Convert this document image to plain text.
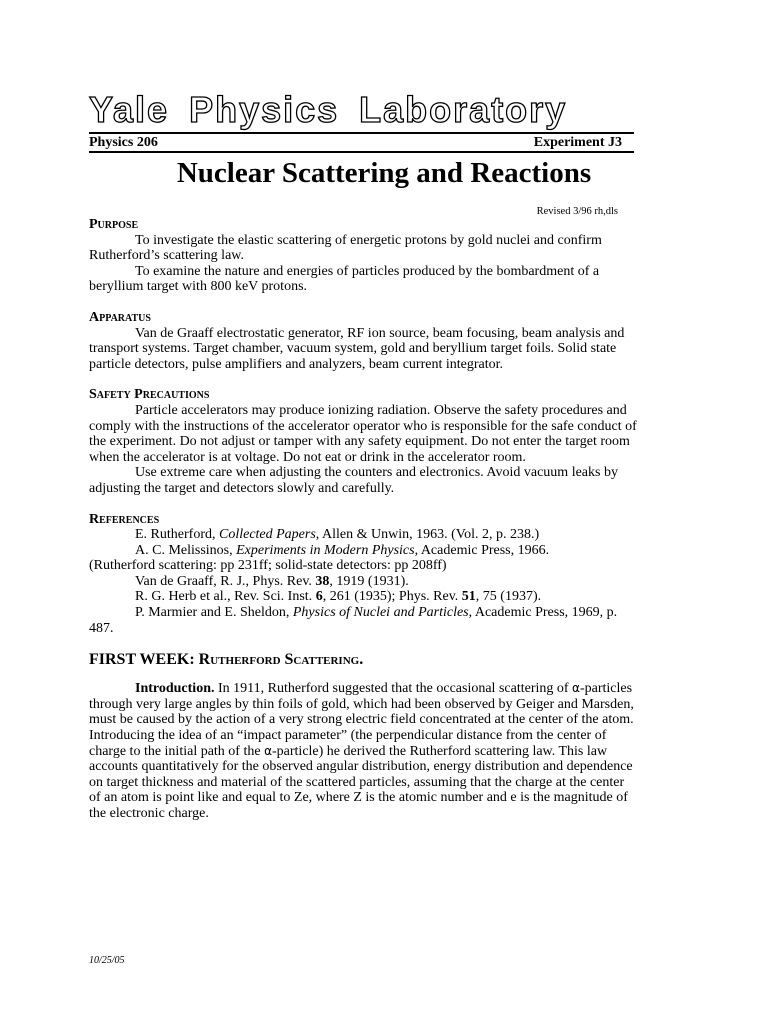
Yale Physics Laboratory
Physics 206	Experiment J3
Nuclear Scattering and Reactions
Revised 3/96 rh,dls
Purpose

To investigate the elastic scattering of energetic protons by gold nuclei and confirm Rutherford’s scattering law.

To examine the nature and energies of particles produced by the bombardment of a beryllium target with 800 keV protons.

Apparatus

Van de Graaff electrostatic generator, RF ion source, beam focusing, beam analysis and transport systems. Target chamber, vacuum system, gold and beryllium target foils. Solid state particle detectors, pulse amplifiers and analyzers, beam current integrator.

Safety Precautions

Particle accelerators may produce ionizing radiation. Observe the safety procedures and comply with the instructions of the accelerator operator who is responsible for the safe conduct of the experiment. Do not adjust or tamper with any safety equipment. Do not enter the target room when the accelerator is at voltage. Do not eat or drink in the accelerator room.

Use extreme care when adjusting the counters and electronics. Avoid vacuum leaks by adjusting the target and detectors slowly and carefully.

References

E. Rutherford, Collected Papers, Allen & Unwin, 1963. (Vol. 2, p. 238.)

A. C. Melissinos, Experiments in Modern Physics, Academic Press, 1966.

(Rutherford scattering: pp 231ff; solid-state detectors: pp 208ff)

Van de Graaff, R. J., Phys. Rev. 38, 1919 (1931).

R. G. Herb et al., Rev. Sci. Inst. 6, 261 (1935); Phys. Rev. 51, 75 (1937).

P. Marmier and E. Sheldon, Physics of Nuclei and Particles, Academic Press, 1969, p. 487.

FIRST WEEK: Rutherford Scattering.

Introduction. In 1911, Rutherford suggested that the occasional scattering of α-particles through very large angles by thin foils of gold, which had been observed by Geiger and Marsden, must be caused by the action of a very strong electric field concentrated at the center of the atom. Introducing the idea of an “impact parameter” (the perpendicular distance from the center of charge to the initial path of the α-particle) he derived the Rutherford scattering law. This law accounts quantitatively for the observed angular distribution, energy distribution and dependence on target thickness and material of the scattered particles, assuming that the charge at the center of an atom is point like and equal to Ze, where Z is the atomic number and e is the magnitude of the electronic charge.

10/25/05
